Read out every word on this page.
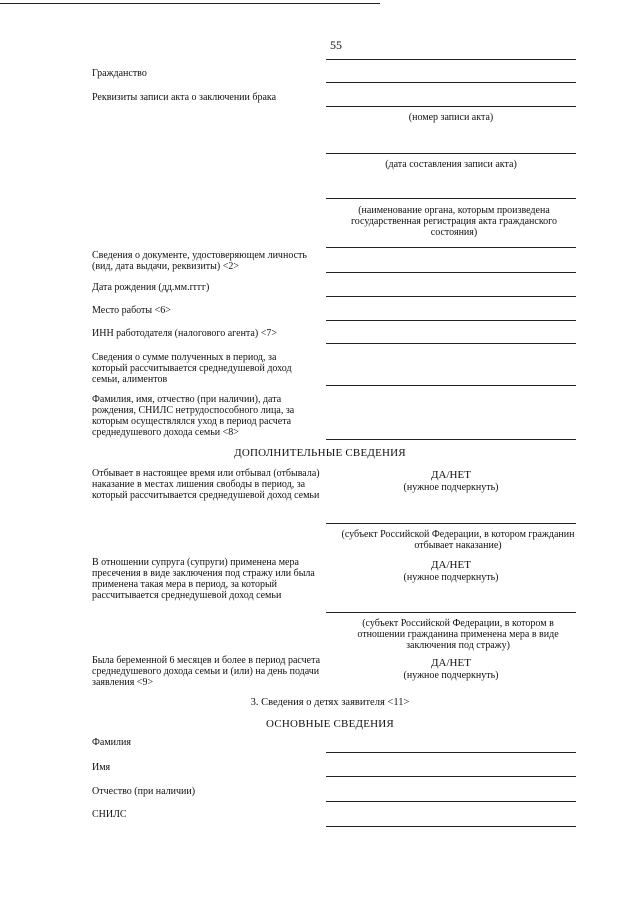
55
Гражданство
Реквизиты записи акта о заключении брака
(номер записи акта)
(дата составления записи акта)
(наименование органа, которым произведена государственная регистрация акта гражданского состояния)
Сведения о документе, удостоверяющем личность (вид, дата выдачи, реквизиты) <2>
Дата рождения (дд.мм.гггг)
Место работы <6>
ИНН работодателя (налогового агента) <7>
Сведения о сумме полученных в период, за который рассчитывается среднедушевой доход семьи, алиментов
Фамилия, имя, отчество (при наличии), дата рождения, СНИЛС нетрудоспособного лица, за которым осуществлялся уход в период расчета среднедушевого дохода семьи <8>
ДОПОЛНИТЕЛЬНЫЕ СВЕДЕНИЯ
Отбывает в настоящее время или отбывал (отбывала) наказание в местах лишения свободы в период, за который рассчитывается среднедушевой доход семьи
ДА/НЕТ
(нужное подчеркнуть)
(субъект Российской Федерации, в котором гражданин отбывает наказание)
В отношении супруга (супруги) применена мера пресечения в виде заключения под стражу или была применена такая мера в период, за который рассчитывается среднедушевой доход семьи
ДА/НЕТ
(нужное подчеркнуть)
(субъект Российской Федерации, в котором в отношении гражданина применена мера в виде заключения под стражу)
Была беременной 6 месяцев и более в период расчета среднедушевого дохода семьи и (или) на день подачи заявления <9>
ДА/НЕТ
(нужное подчеркнуть)
3. Сведения о детях заявителя <11>
ОСНОВНЫЕ СВЕДЕНИЯ
Фамилия
Имя
Отчество (при наличии)
СНИЛС
